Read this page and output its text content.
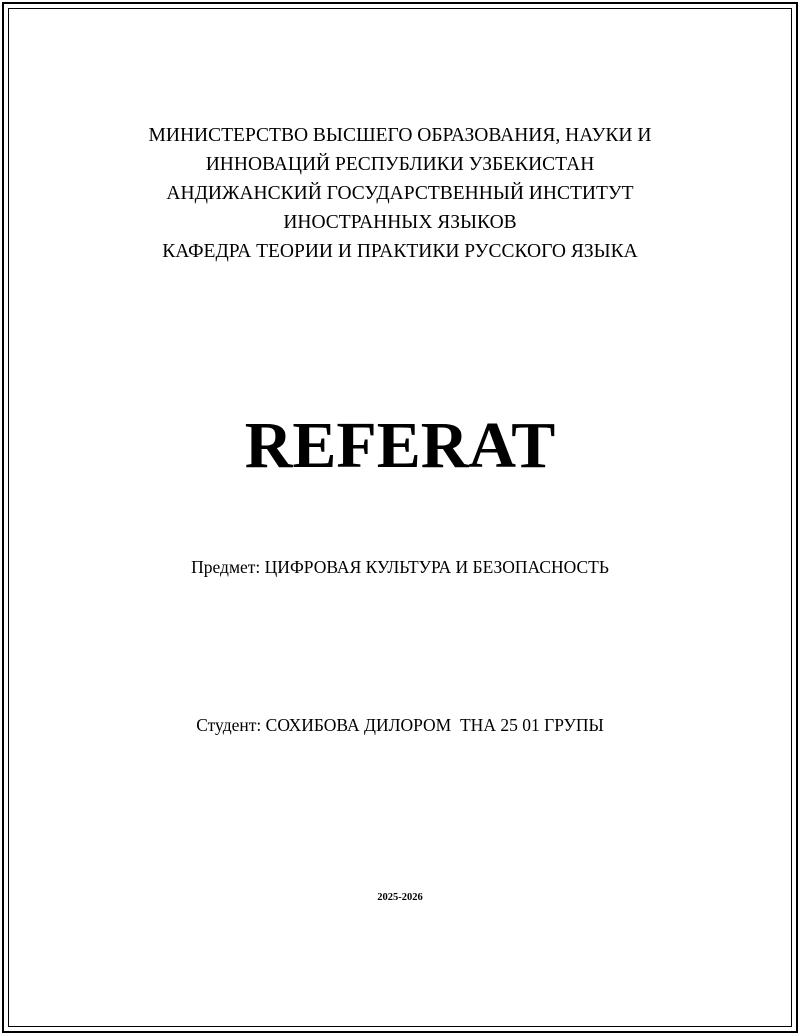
МИНИСТЕРСТВО ВЫСШЕГО ОБРАЗОВАНИЯ, НАУКИ И
ИННОВАЦИЙ РЕСПУБЛИКИ УЗБЕКИСТАН
АНДИЖАНСКИЙ ГОСУДАРСТВЕННЫЙ ИНСТИТУТ
ИНОСТРАННЫХ ЯЗЫКОВ
КАФЕДРА ТЕОРИИ И ПРАКТИКИ РУССКОГО ЯЗЫКА
REFERAT
Предмет: ЦИФРОВАЯ КУЛЬТУРА И БЕЗОПАСНОСТЬ
Студент: СОХИБОВА ДИЛОРОМ  ТНА 25 01 ГРУПЫ
2025-2026
